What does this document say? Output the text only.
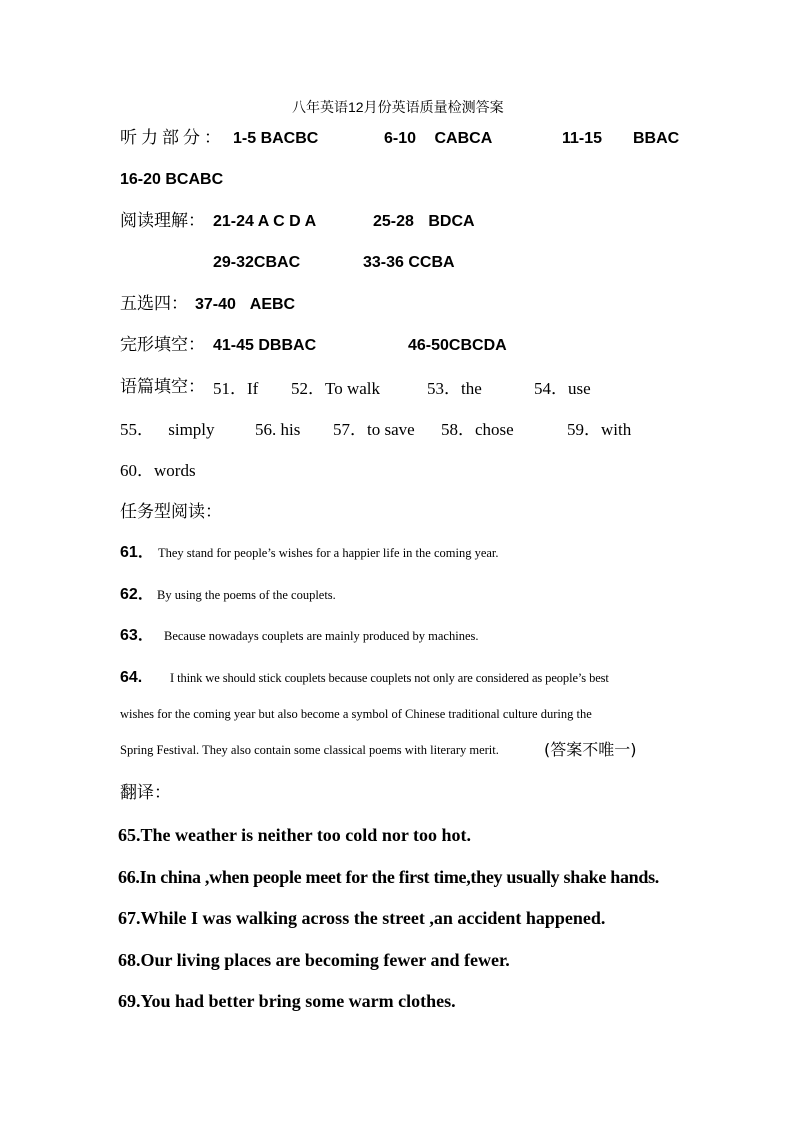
八年英语12月份英语质量检测答案
听力部分： 1-5 BACBC	6-10 CABCA	11-15 BBAC
16-20 BCABC
阅读理解： 21-24 A C D A	25-28 BDCA
29-32CBAC	33-36 CCBA
五选四： 37-40 AEBC
完形填空： 41-45 DBBAC	46-50CBCDA
语篇填空： 51．If 52．To walk	53．the	54．use
55． simply 56. his 57．to save 58．chose	59．with
60．words
任务型阅读：
61． They stand for people’s wishes for a happier life in the coming year.
62． By using the poems of the couplets.
63． Because nowadays couplets are mainly produced by machines.
64. I think we should stick couplets because couplets not only are considered as people’s best
wishes for the coming year but also become a symbol of Chinese traditional culture during the
Spring Festival. They also contain some classical poems with literary merit.	(答案不唯一)
翻译：
65.The weather is neither too cold nor too hot.
66.In china ,when people meet for the first time,they usually shake hands.
67.While I was walking across the street ,an accident happened.
68.Our living places are becoming fewer and fewer.
69.You had better bring some warm clothes.
